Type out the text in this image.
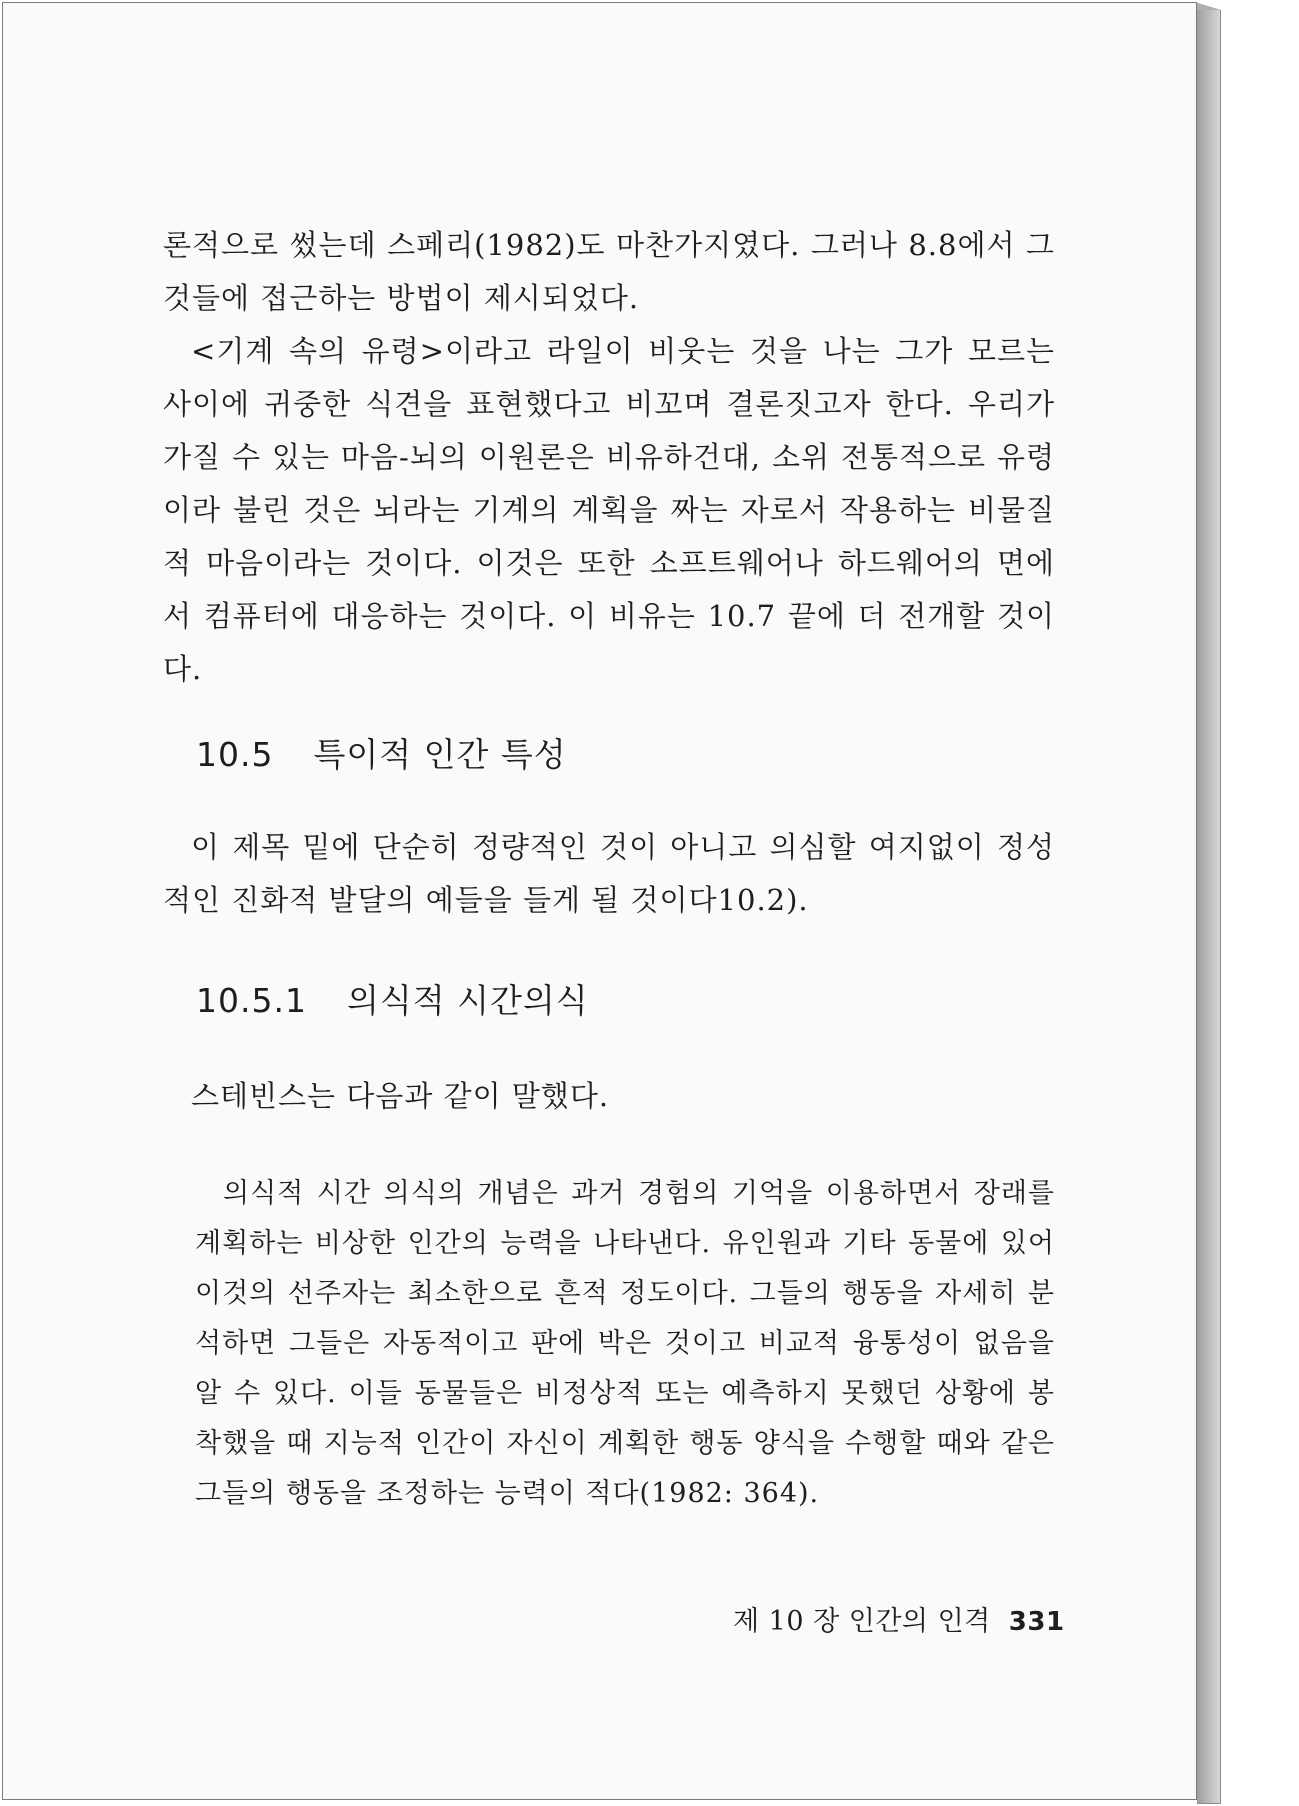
론적으로 썼는데 스페리(1982)도 마찬가지였다. 그러나 8.8에서 그것들에 접근하는 방법이 제시되었다.

<기계 속의 유령>이라고 라일이 비웃는 것을 나는 그가 모르는 사이에 귀중한 식견을 표현했다고 비꼬며 결론짓고자 한다. 우리가 가질 수 있는 마음-뇌의 이원론은 비유하건대, 소위 전통적으로 유령이라 불린 것은 뇌라는 기계의 계획을 짜는 자로서 작용하는 비물질적 마음이라는 것이다. 이것은 또한 소프트웨어나 하드웨어의 면에서 컴퓨터에 대응하는 것이다. 이 비유는 10.7 끝에 더 전개할 것이다.

10.5 특이적 인간 특성

이 제목 밑에 단순히 정량적인 것이 아니고 의심할 여지없이 정성적인 진화적 발달의 예들을 들게 될 것이다10.2).

10.5.1 의식적 시간의식

스테빈스는 다음과 같이 말했다.

의식적 시간 의식의 개념은 과거 경험의 기억을 이용하면서 장래를 계획하는 비상한 인간의 능력을 나타낸다. 유인원과 기타 동물에 있어 이것의 선주자는 최소한으로 흔적 정도이다. 그들의 행동을 자세히 분석하면 그들은 자동적이고 판에 박은 것이고 비교적 융통성이 없음을 알 수 있다. 이들 동물들은 비정상적 또는 예측하지 못했던 상황에 봉착했을 때 지능적 인간이 자신이 계획한 행동 양식을 수행할 때와 같은 그들의 행동을 조정하는 능력이 적다(1982: 364).

제 10 장 인간의 인격 331
